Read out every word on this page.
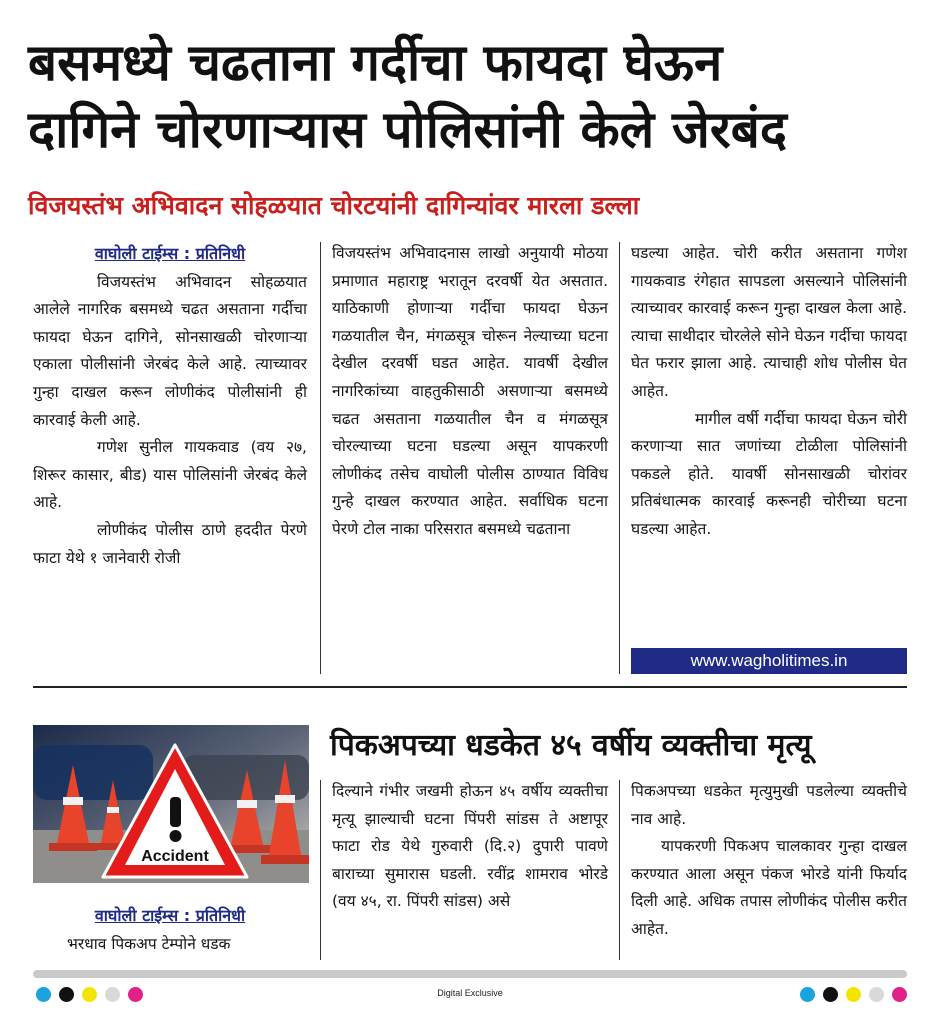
बसमध्ये चढताना गर्दीचा फायदा घेऊन
दागिने चोरणाऱ्यास पोलिसांनी केले जेरबंद
विजयस्तंभ अभिवादन सोहळयात चोरटयांनी दागिन्यांवर मारला डल्ला
वाघोली टाईम्स : प्रतिनिधी

विजयस्तंभ अभिवादन सोहळयात आलेले नागरिक बसमध्ये चढत असताना गर्दीचा फायदा घेऊन दागिने, सोनसाखळी चोरणाऱ्या एकाला पोलीसांनी जेरबंद केले आहे. त्याच्यावर गुन्हा दाखल करून लोणीकंद पोलीसांनी ही कारवाई केली आहे.

गणेश सुनील गायकवाड (वय २७, शिरूर कासार, बीड) यास पोलिसांनी जेरबंद केले आहे.

लोणीकंद पोलीस ठाणे हददीत पेरणे फाटा येथे १ जानेवारी रोजी

विजयस्तंभ अभिवादनास लाखो अनुयायी मोठया प्रमाणात महाराष्ट्र भरातून दरवर्षी येत असतात. याठिकाणी होणाऱ्या गर्दीचा फायदा घेऊन गळयातील चैन, मंगळसूत्र चोरून नेल्याच्या घटना देखील दरवर्षी घडत आहेत. यावर्षी देखील नागरिकांच्या वाहतुकीसाठी असणाऱ्या बसमध्ये चढत असताना गळयातील चैन व मंगळसूत्र चोरल्याच्या घटना घडल्या असून यापकरणी लोणीकंद तसेच वाघोली पोलीस ठाण्यात विविध गुन्हे दाखल करण्यात आहेत. सर्वाधिक घटना पेरणे टोल नाका परिसरात बसमध्ये चढताना

घडल्या आहेत. चोरी करीत असताना गणेश गायकवाड रंगेहात सापडला असल्याने पोलिसांनी त्याच्यावर कारवाई करून गुन्हा दाखल केला आहे. त्याचा साथीदार चोरलेले सोने घेऊन गर्दीचा फायदा घेत फरार झाला आहे. त्याचाही शोध पोलीस घेत आहेत.

मागील वर्षी गर्दीचा फायदा घेऊन चोरी करणाऱ्या सात जणांच्या टोळीला पोलिसांनी पकडले होते. यावर्षी सोनसाखळी चोरांवर प्रतिबंधात्मक कारवाई करूनही चोरीच्या घटना घडल्या आहेत.

www.wagholitimes.in
Accident
पिकअपच्या धडकेत ४५ वर्षीय व्यक्तीचा मृत्यू
वाघोली टाईम्स : प्रतिनिधी

भरधाव पिकअप टेम्पोने धडक

दिल्याने गंभीर जखमी होऊन ४५ वर्षीय व्यक्तीचा मृत्यू झाल्याची घटना पिंपरी सांडस ते अष्टापूर फाटा रोड येथे गुरुवारी (दि.२) दुपारी पावणे बाराच्या सुमारास घडली. रवींद्र शामराव भोरडे (वय ४५, रा. पिंपरी सांडस) असे

पिकअपच्या धडकेत मृत्युमुखी पडलेल्या व्यक्तीचे नाव आहे.

यापकरणी पिकअप चालकावर गुन्हा दाखल करण्यात आला असून पंकज भोरडे यांनी फिर्याद दिली आहे. अधिक तपास लोणीकंद पोलीस करीत आहेत.

Digital Exclusive
